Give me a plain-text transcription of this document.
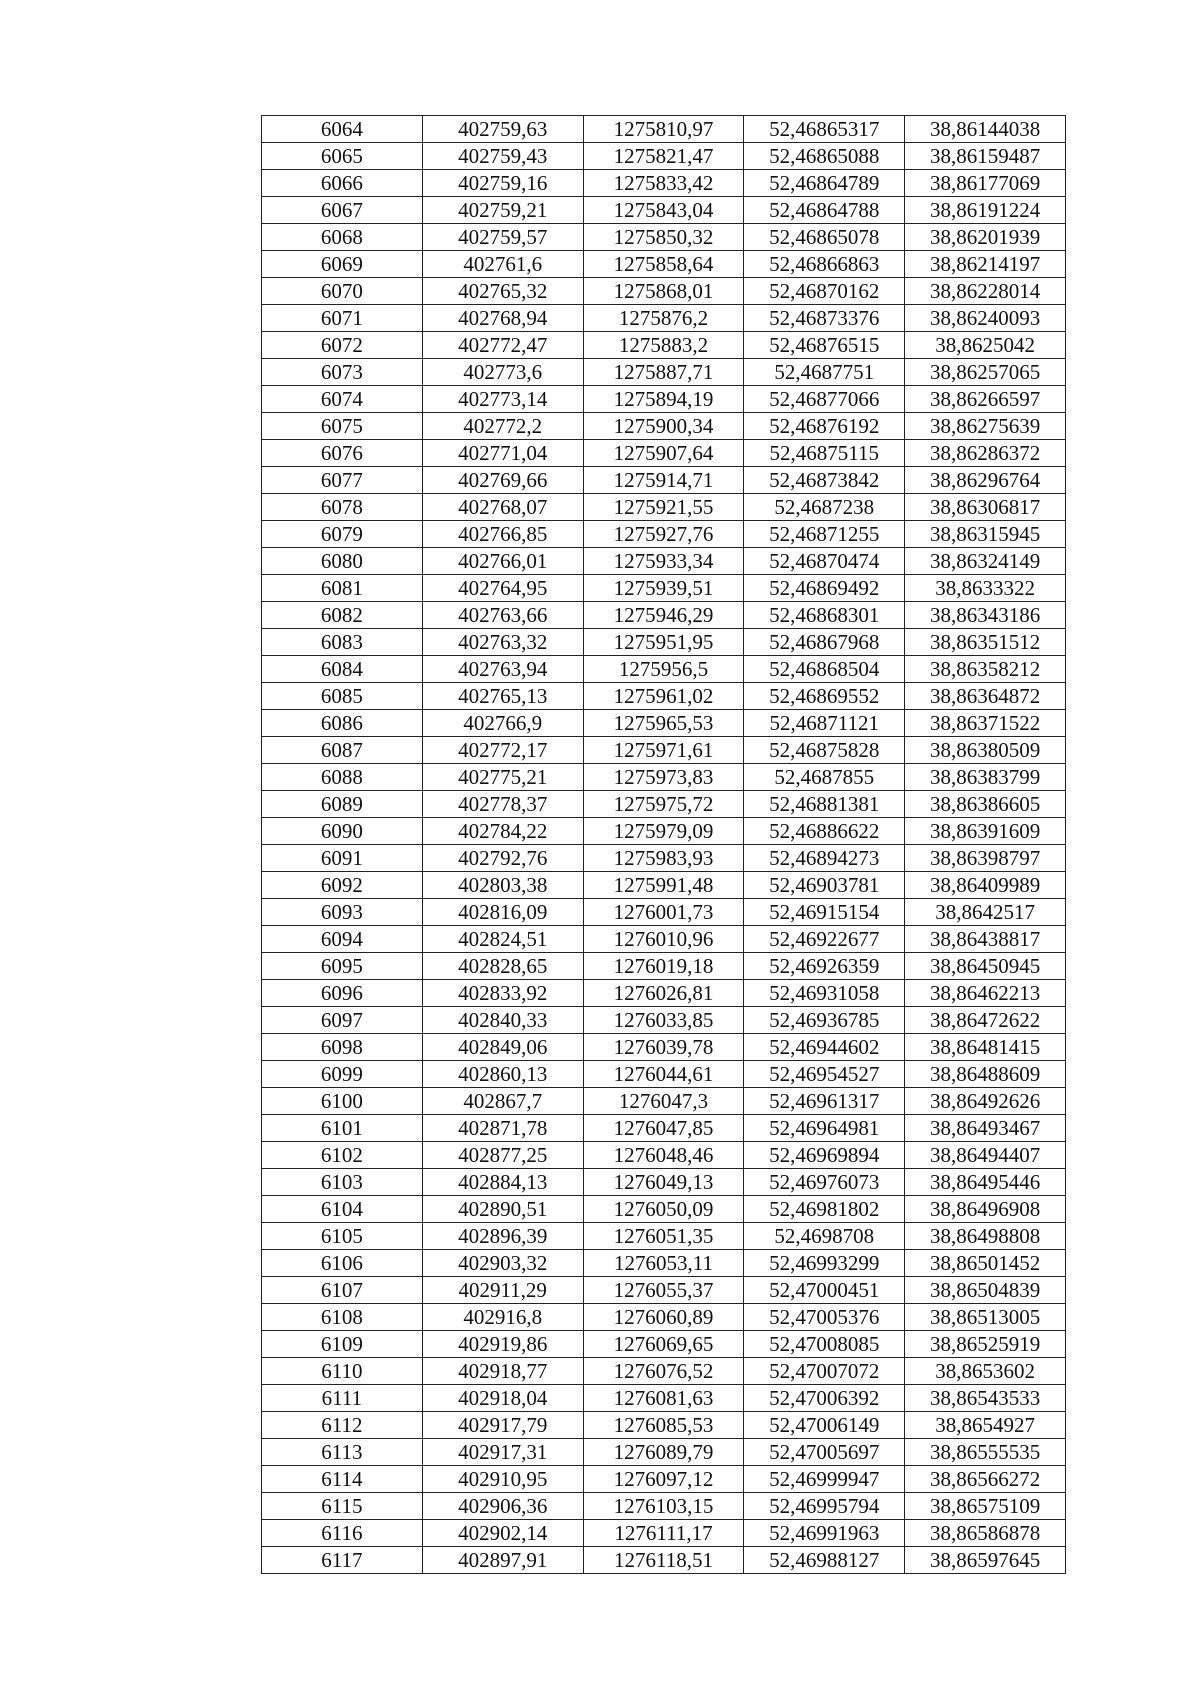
6064	402759,63	1275810,97	52,46865317	38,86144038
6065	402759,43	1275821,47	52,46865088	38,86159487
6066	402759,16	1275833,42	52,46864789	38,86177069
6067	402759,21	1275843,04	52,46864788	38,86191224
6068	402759,57	1275850,32	52,46865078	38,86201939
6069	402761,6	1275858,64	52,46866863	38,86214197
6070	402765,32	1275868,01	52,46870162	38,86228014
6071	402768,94	1275876,2	52,46873376	38,86240093
6072	402772,47	1275883,2	52,46876515	38,8625042
6073	402773,6	1275887,71	52,4687751	38,86257065
6074	402773,14	1275894,19	52,46877066	38,86266597
6075	402772,2	1275900,34	52,46876192	38,86275639
6076	402771,04	1275907,64	52,46875115	38,86286372
6077	402769,66	1275914,71	52,46873842	38,86296764
6078	402768,07	1275921,55	52,4687238	38,86306817
6079	402766,85	1275927,76	52,46871255	38,86315945
6080	402766,01	1275933,34	52,46870474	38,86324149
6081	402764,95	1275939,51	52,46869492	38,8633322
6082	402763,66	1275946,29	52,46868301	38,86343186
6083	402763,32	1275951,95	52,46867968	38,86351512
6084	402763,94	1275956,5	52,46868504	38,86358212
6085	402765,13	1275961,02	52,46869552	38,86364872
6086	402766,9	1275965,53	52,46871121	38,86371522
6087	402772,17	1275971,61	52,46875828	38,86380509
6088	402775,21	1275973,83	52,4687855	38,86383799
6089	402778,37	1275975,72	52,46881381	38,86386605
6090	402784,22	1275979,09	52,46886622	38,86391609
6091	402792,76	1275983,93	52,46894273	38,86398797
6092	402803,38	1275991,48	52,46903781	38,86409989
6093	402816,09	1276001,73	52,46915154	38,8642517
6094	402824,51	1276010,96	52,46922677	38,86438817
6095	402828,65	1276019,18	52,46926359	38,86450945
6096	402833,92	1276026,81	52,46931058	38,86462213
6097	402840,33	1276033,85	52,46936785	38,86472622
6098	402849,06	1276039,78	52,46944602	38,86481415
6099	402860,13	1276044,61	52,46954527	38,86488609
6100	402867,7	1276047,3	52,46961317	38,86492626
6101	402871,78	1276047,85	52,46964981	38,86493467
6102	402877,25	1276048,46	52,46969894	38,86494407
6103	402884,13	1276049,13	52,46976073	38,86495446
6104	402890,51	1276050,09	52,46981802	38,86496908
6105	402896,39	1276051,35	52,4698708	38,86498808
6106	402903,32	1276053,11	52,46993299	38,86501452
6107	402911,29	1276055,37	52,47000451	38,86504839
6108	402916,8	1276060,89	52,47005376	38,86513005
6109	402919,86	1276069,65	52,47008085	38,86525919
6110	402918,77	1276076,52	52,47007072	38,8653602
6111	402918,04	1276081,63	52,47006392	38,86543533
6112	402917,79	1276085,53	52,47006149	38,8654927
6113	402917,31	1276089,79	52,47005697	38,86555535
6114	402910,95	1276097,12	52,46999947	38,86566272
6115	402906,36	1276103,15	52,46995794	38,86575109
6116	402902,14	1276111,17	52,46991963	38,86586878
6117	402897,91	1276118,51	52,46988127	38,86597645
